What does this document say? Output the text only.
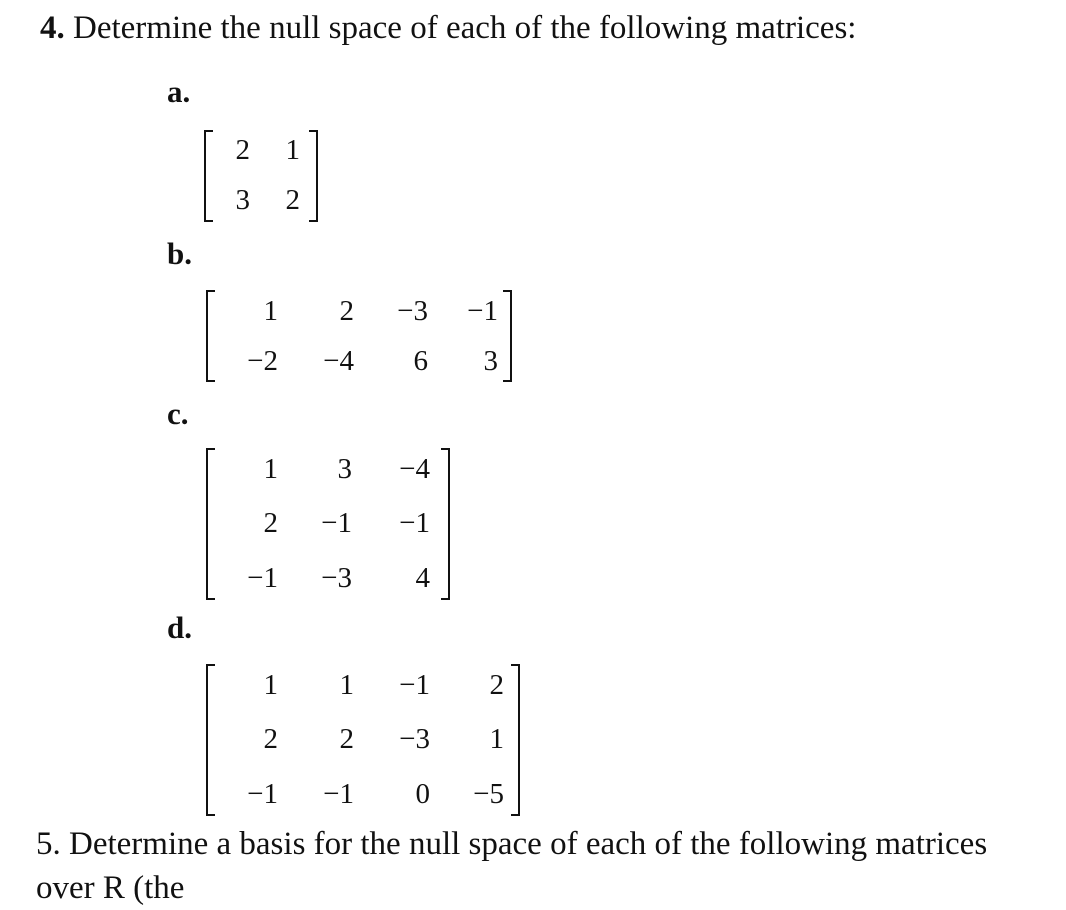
4. Determine the null space of each of the following matrices:
a.
2	1
3	2
b.
1	2	−3	−1
−2	−4	6	3
c.
1	3	−4
2	−1	−1
−1	−3	4
d.
1	1	−1	2
2	2	−3	1
−1	−1	0	−5
5. Determine a basis for the null space of each of the following matrices over R (the
